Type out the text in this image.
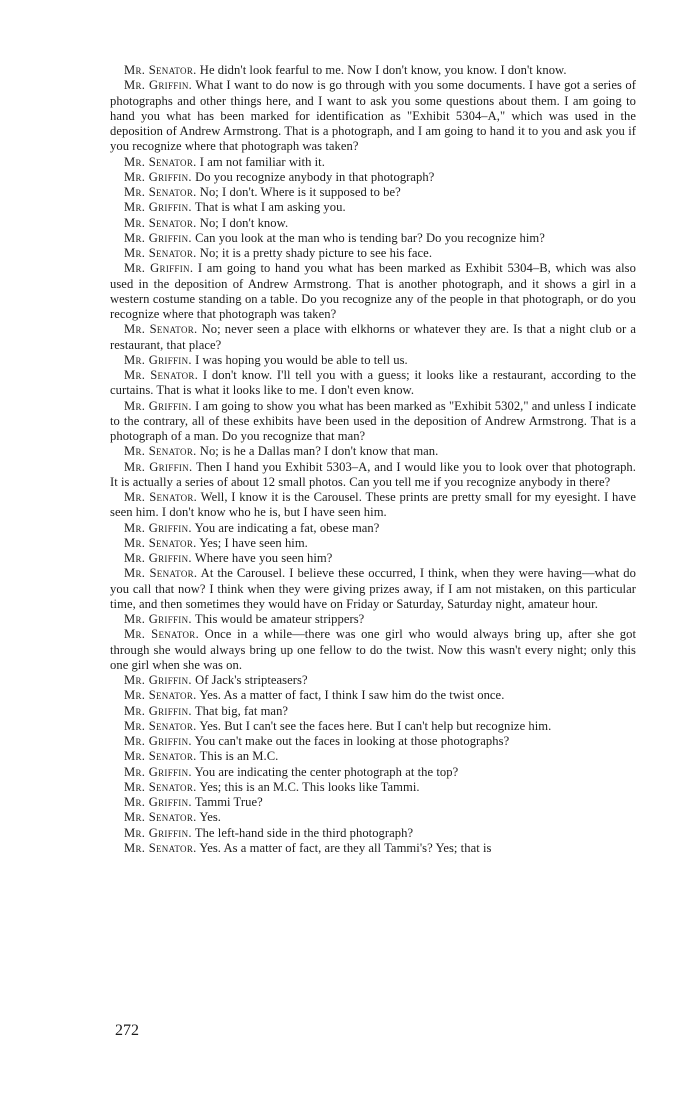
Mr. Senator. He didn't look fearful to me. Now I don't know, you know. I don't know.

Mr. Griffin. What I want to do now is go through with you some documents. I have got a series of photographs and other things here, and I want to ask you some questions about them. I am going to hand you what has been marked for identification as "Exhibit 5304–A," which was used in the deposition of Andrew Armstrong. That is a photograph, and I am going to hand it to you and ask you if you recognize where that photograph was taken?

Mr. Senator. I am not familiar with it.

Mr. Griffin. Do you recognize anybody in that photograph?

Mr. Senator. No; I don't. Where is it supposed to be?

Mr. Griffin. That is what I am asking you.

Mr. Senator. No; I don't know.

Mr. Griffin. Can you look at the man who is tending bar? Do you recognize him?

Mr. Senator. No; it is a pretty shady picture to see his face.

Mr. Griffin. I am going to hand you what has been marked as Exhibit 5304–B, which was also used in the deposition of Andrew Armstrong. That is another photograph, and it shows a girl in a western costume standing on a table. Do you recognize any of the people in that photograph, or do you recognize where that photograph was taken?

Mr. Senator. No; never seen a place with elkhorns or whatever they are. Is that a night club or a restaurant, that place?

Mr. Griffin. I was hoping you would be able to tell us.

Mr. Senator. I don't know. I'll tell you with a guess; it looks like a restaurant, according to the curtains. That is what it looks like to me. I don't even know.

Mr. Griffin. I am going to show you what has been marked as "Exhibit 5302," and unless I indicate to the contrary, all of these exhibits have been used in the deposition of Andrew Armstrong. That is a photograph of a man. Do you recognize that man?

Mr. Senator. No; is he a Dallas man? I don't know that man.

Mr. Griffin. Then I hand you Exhibit 5303–A, and I would like you to look over that photograph. It is actually a series of about 12 small photos. Can you tell me if you recognize anybody in there?

Mr. Senator. Well, I know it is the Carousel. These prints are pretty small for my eyesight. I have seen him. I don't know who he is, but I have seen him.

Mr. Griffin. You are indicating a fat, obese man?

Mr. Senator. Yes; I have seen him.

Mr. Griffin. Where have you seen him?

Mr. Senator. At the Carousel. I believe these occurred, I think, when they were having—what do you call that now? I think when they were giving prizes away, if I am not mistaken, on this particular time, and then sometimes they would have on Friday or Saturday, Saturday night, amateur hour.

Mr. Griffin. This would be amateur strippers?

Mr. Senator. Once in a while—there was one girl who would always bring up, after she got through she would always bring up one fellow to do the twist. Now this wasn't every night; only this one girl when she was on.

Mr. Griffin. Of Jack's stripteasers?

Mr. Senator. Yes. As a matter of fact, I think I saw him do the twist once.

Mr. Griffin. That big, fat man?

Mr. Senator. Yes. But I can't see the faces here. But I can't help but recognize him.

Mr. Griffin. You can't make out the faces in looking at those photographs?

Mr. Senator. This is an M.C.

Mr. Griffin. You are indicating the center photograph at the top?

Mr. Senator. Yes; this is an M.C. This looks like Tammi.

Mr. Griffin. Tammi True?

Mr. Senator. Yes.

Mr. Griffin. The left-hand side in the third photograph?

Mr. Senator. Yes. As a matter of fact, are they all Tammi's? Yes; that is

272
